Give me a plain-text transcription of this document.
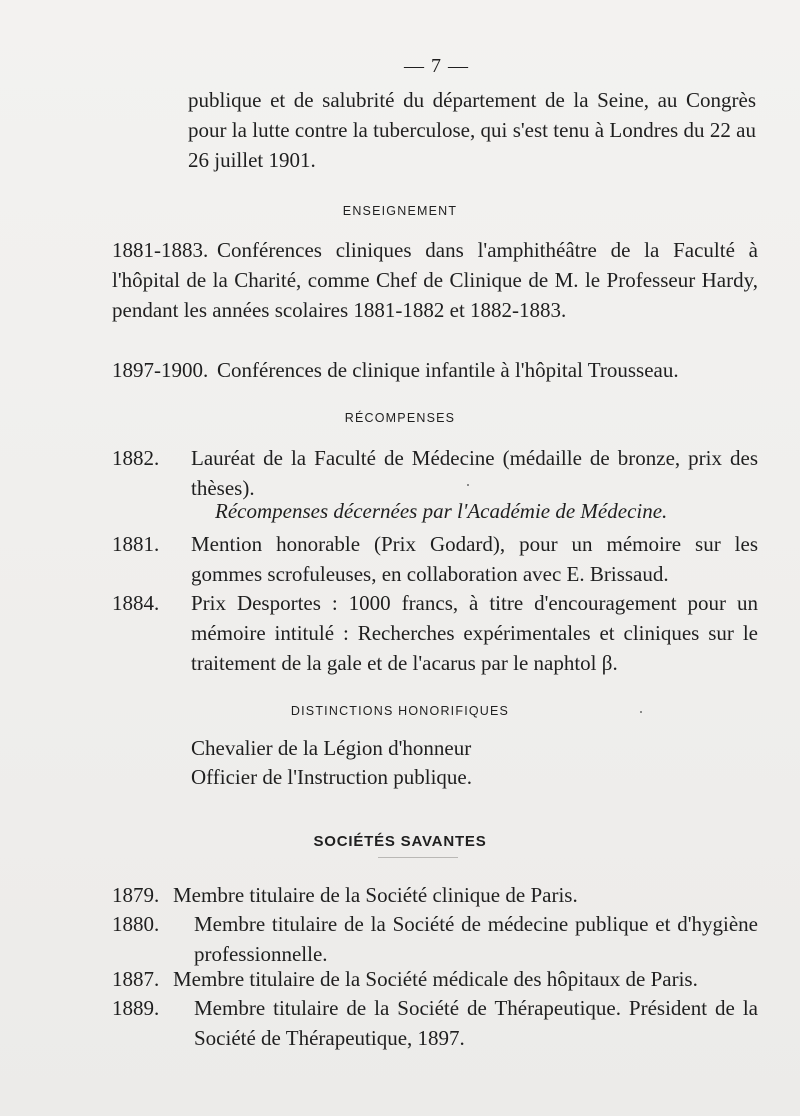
— 7 —
publique et de salubrité du département de la Seine, au Congrès pour la lutte contre la tuberculose, qui s'est tenu à Londres du 22 au 26 juillet 1901.
ENSEIGNEMENT
1881-1883. Conférences cliniques dans l'amphithéâtre de la Faculté à l'hôpital de la Charité, comme Chef de Clinique de M. le Professeur Hardy, pendant les années scolaires 1881-1882 et 1882-1883.
1897-1900. Conférences de clinique infantile à l'hôpital Trousseau.
RÉCOMPENSES
1882.	Lauréat de la Faculté de Médecine (médaille de bronze, prix des thèses).
Récompenses décernées par l'Académie de Médecine.
1881.	Mention honorable (Prix Godard), pour un mémoire sur les gommes scrofuleuses, en collaboration avec E. Brissaud.
1884.	Prix Desportes : 1000 francs, à titre d'encouragement pour un mémoire intitulé : Recherches expérimentales et cliniques sur le traitement de la gale et de l'acarus par le naphtol β.
DISTINCTIONS HONORIFIQUES
Chevalier de la Légion d'honneur
Officier de l'Instruction publique.
SOCIÉTÉS SAVANTES
1879. Membre titulaire de la Société clinique de Paris.
1880.	Membre titulaire de la Société de médecine publique et d'hygiène professionnelle.
1887. Membre titulaire de la Société médicale des hôpitaux de Paris.
1889.	Membre titulaire de la Société de Thérapeutique. Président de la Société de Thérapeutique, 1897.
